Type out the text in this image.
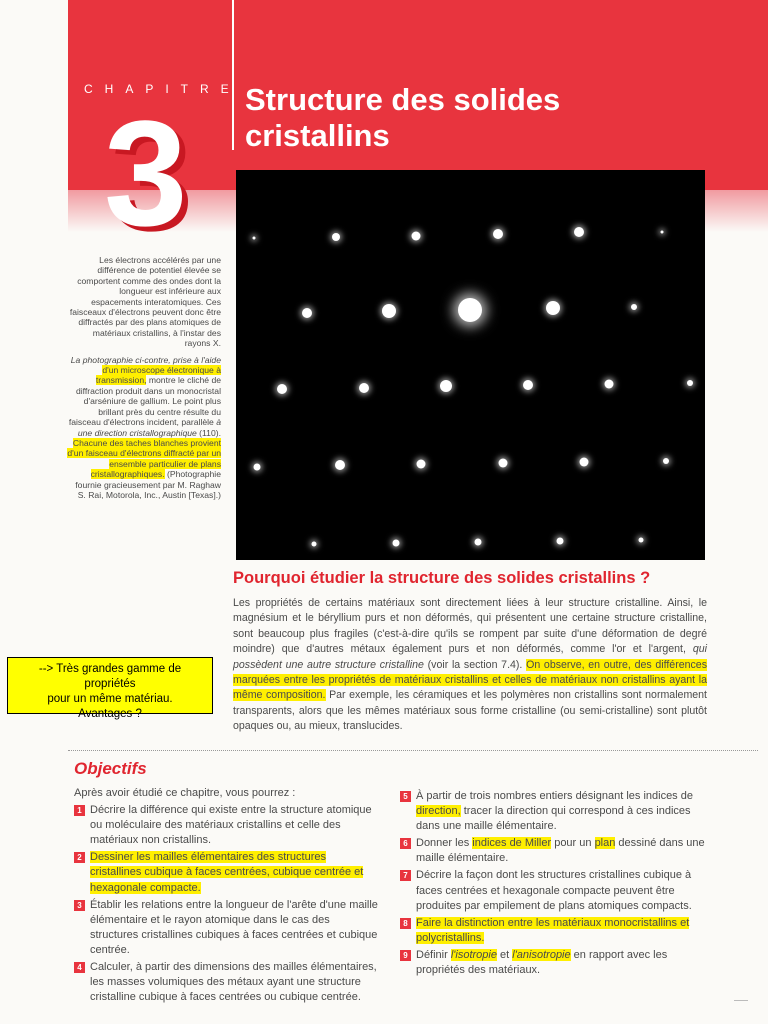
CHAPITRE
3 Structure des solides cristallins

Les électrons accélérés par une différence de potentiel élevée se comportent comme des ondes dont la longueur est inférieure aux espacements interatomiques. Ces faisceaux d'électrons peuvent donc être diffractés par des plans atomiques de matériaux cristallins, à l'instar des rayons X.

La photographie ci-contre, prise à l'aide d'un microscope électronique à transmission, montre le cliché de diffraction produit dans un monocristal d'arséniure de gallium. Le point plus brillant près du centre résulte du faisceau d'électrons incident, parallèle à une direction cristallographique (110). Chacune des taches blanches provient d'un faisceau d'électrons diffracté par un ensemble particulier de plans cristallographiques. (Photographie fournie gracieusement par M. Raghaw S. Rai, Motorola, Inc., Austin [Texas].)

Pourquoi étudier la structure des solides cristallins ?
Les propriétés de certains matériaux sont directement liées à leur structure cristalline. Ainsi, le magnésium et le béryllium purs et non déformés, qui présentent une certaine structure cristalline, sont beaucoup plus fragiles (c'est-à-dire qu'ils se rompent par suite d'une déformation de degré moindre) que d'autres métaux également purs et non déformés, comme l'or et l'argent, qui possèdent une autre structure cristalline (voir la section 7.4). On observe, en outre, des différences marquées entre les propriétés de matériaux cristallins et celles de matériaux non cristallins ayant la même composition. Par exemple, les céramiques et les polymères non cristallins sont normalement transparents, alors que les mêmes matériaux sous forme cristalline (ou semi-cristalline) sont plutôt opaques ou, au mieux, translucides.
--> Très grandes gamme de propriétés
pour un même matériau.
Avantages ?
Objectifs
Après avoir étudié ce chapitre, vous pourrez :
1 Décrire la différence qui existe entre la structure atomique ou moléculaire des matériaux cristallins et celle des matériaux non cristallins.
2 Dessiner les mailles élémentaires des structures cristallines cubique à faces centrées, cubique centrée et hexagonale compacte.
3 Établir les relations entre la longueur de l'arête d'une maille élémentaire et le rayon atomique dans le cas des structures cristallines cubiques à faces centrées et cubique centrée.
4 Calculer, à partir des dimensions des mailles élémentaires, les masses volumiques des métaux ayant une structure cristalline cubique à faces centrées ou cubique centrée.
5 À partir de trois nombres entiers désignant les indices de direction, tracer la direction qui correspond à ces indices dans une maille élémentaire.
6 Donner les indices de Miller pour un plan dessiné dans une maille élémentaire.
7 Décrire la façon dont les structures cristallines cubique à faces centrées et hexagonale compacte peuvent être produites par empilement de plans atomiques compacts.
8 Faire la distinction entre les matériaux monocristallins et polycristallins.
9 Définir l'isotropie et l'anisotropie en rapport avec les propriétés des matériaux.
